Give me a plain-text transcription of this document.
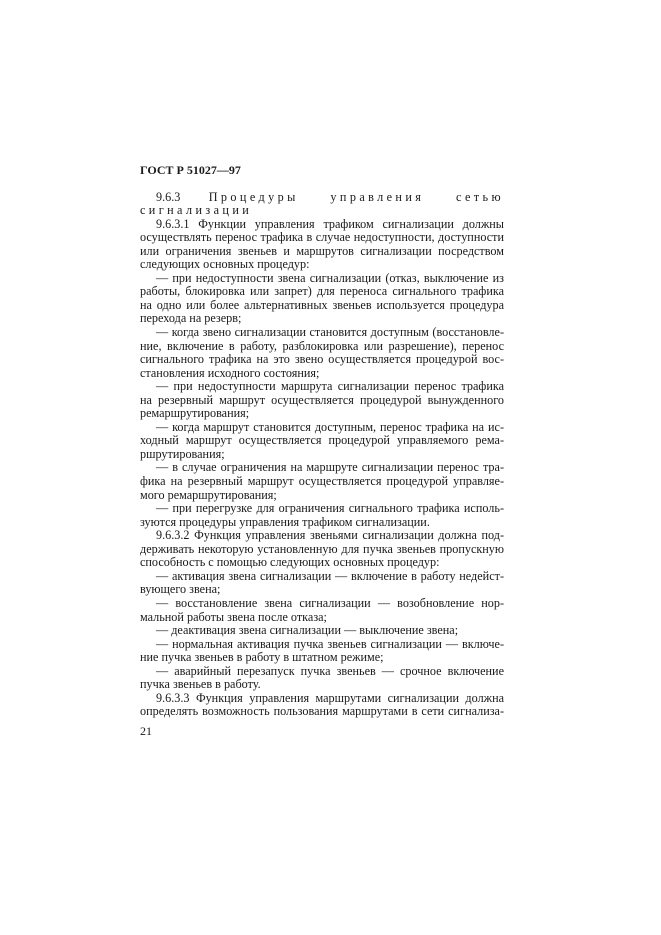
ГОСТ Р 51027—97

9.6.3 Процедуры управления сетью сигнализации

9.6.3.1 Функции управления трафиком сигнализации должны осуществлять перенос трафика в случае недоступности, доступности или ограничения звеньев и маршрутов сигнализации посредством следующих основных процедур:

— при недоступности звена сигнализации (отказ, выключение из работы, блокировка или запрет) для переноса сигнального трафика на одно или более альтернативных звеньев используется процедура перехода на резерв;

— когда звено сигнализации становится доступным (восстановление, включение в работу, разблокировка или разрешение), перенос сигнального трафика на это звено осуществляется процедурой восстановления исходного состояния;

— при недоступности маршрута сигнализации перенос трафика на резервный маршрут осуществляется процедурой вынужденного ремаршрутирования;

— когда маршрут становится доступным, перенос трафика на исходный маршрут осуществляется процедурой управляемого ремаршрутирования;

— в случае ограничения на маршруте сигнализации перенос трафика на резервный маршрут осуществляется процедурой управляемого ремаршрутирования;

— при перегрузке для ограничения сигнального трафика используются процедуры управления трафиком сигнализации.

9.6.3.2 Функция управления звеньями сигнализации должна поддерживать некоторую установленную для пучка звеньев пропускную способность с помощью следующих основных процедур:

— активация звена сигнализации — включение в работу недействующего звена;

— восстановление звена сигнализации — возобновление нормальной работы звена после отказа;

— деактивация звена сигнализации — выключение звена;

— нормальная активация пучка звеньев сигнализации — включение пучка звеньев в работу в штатном режиме;

— аварийный перезапуск пучка звеньев — срочное включение пучка звеньев в работу.

9.6.3.3 Функция управления маршрутами сигнализации должна определять возможность пользования маршрутами в сети сигнализа-

21
